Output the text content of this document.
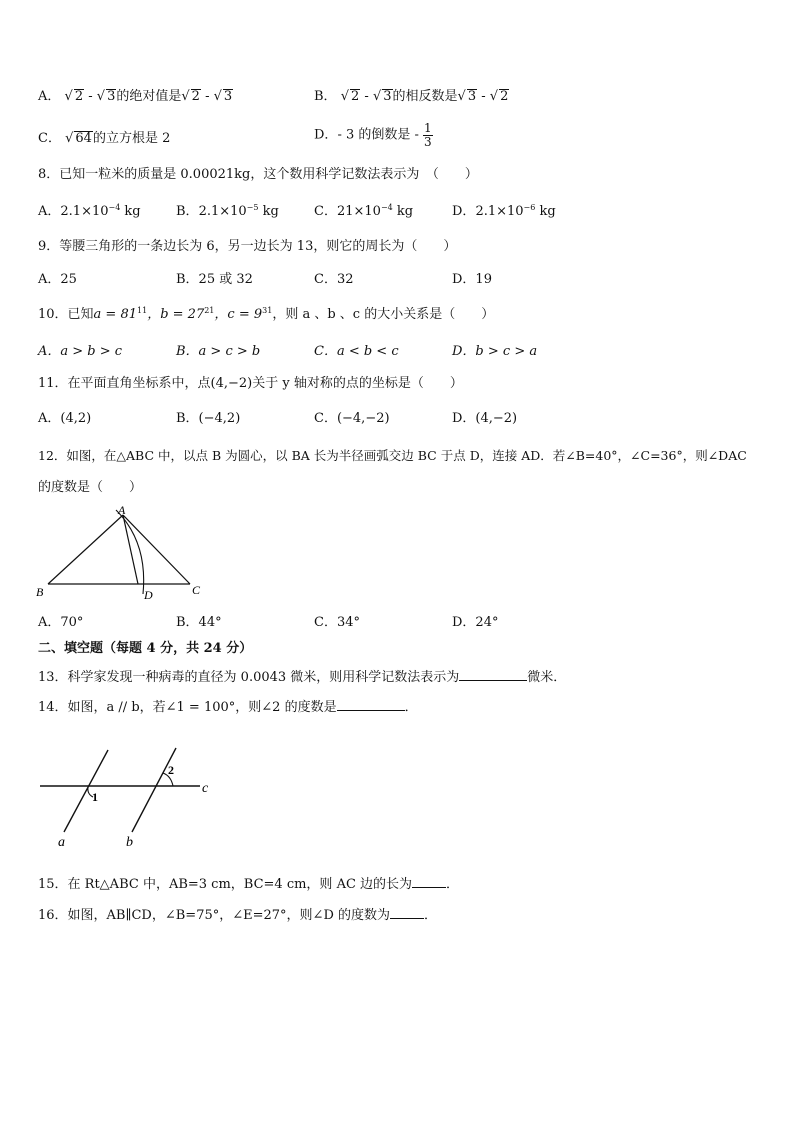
A． √ 2 - √ 3的绝对值是√ 2 - √ 3	B． √ 2 - √ 3的相反数是√ 3 - √ 2
C． √ 64的立方根是 2	D．- 3 的倒数是 - $\frac{1}{3}$
8．已知一粒米的质量是 0.00021kg，这个数用科学记数法表示为　（　　）
A．$2.1\times 10^{-4}$ kg	B．$2.1\times 10^{-5}$ kg	C．$21\times 10^{-4}$ kg	D．$2.1\times 10^{-6}$ kg
9．等腰三角形的一条边长为 6，另一边长为 13，则它的周长为（　　）
A．25	B．25 或 32	C．32	D．19
10．已知$a = 81^{11}$，$b = 27^{21}$，$c = 9^{31}$，则 a 、b 、c 的大小关系是（　　）
A．a > b > c	B．a > c > b	C．a < b < c	D．b > c > a
11．在平面直角坐标系中，点(4,−2)关于 y 轴对称的点的坐标是（　　）
A．(4,2)	B．(−4,2)	C．(−4,−2)	D．(4,−2)
12．如图，在△ABC 中，以点 B 为圆心，以 BA 长为半径画弧交边 BC 于点 D，连接 AD．若∠B=40°，∠C=36°，则∠DAC
的度数是（　　）
A
B	C
D
A．70°	B．44°	C．34°	D．24°
二、填空题（每题 4 分，共 24 分）
13．科学家发现一种病毒的直径为 0.0043 微米，则用科学记数法表示为	微米．
14．如图，a // b，若∠1 = 100°，则∠2 的度数是	．
1
2
a	b
c
15．在 Rt△ABC 中，AB=3 cm，BC=4 cm，则 AC 边的长为	．
16．如图，AB∥CD，∠B=75°，∠E=27°，则∠D 的度数为	．
